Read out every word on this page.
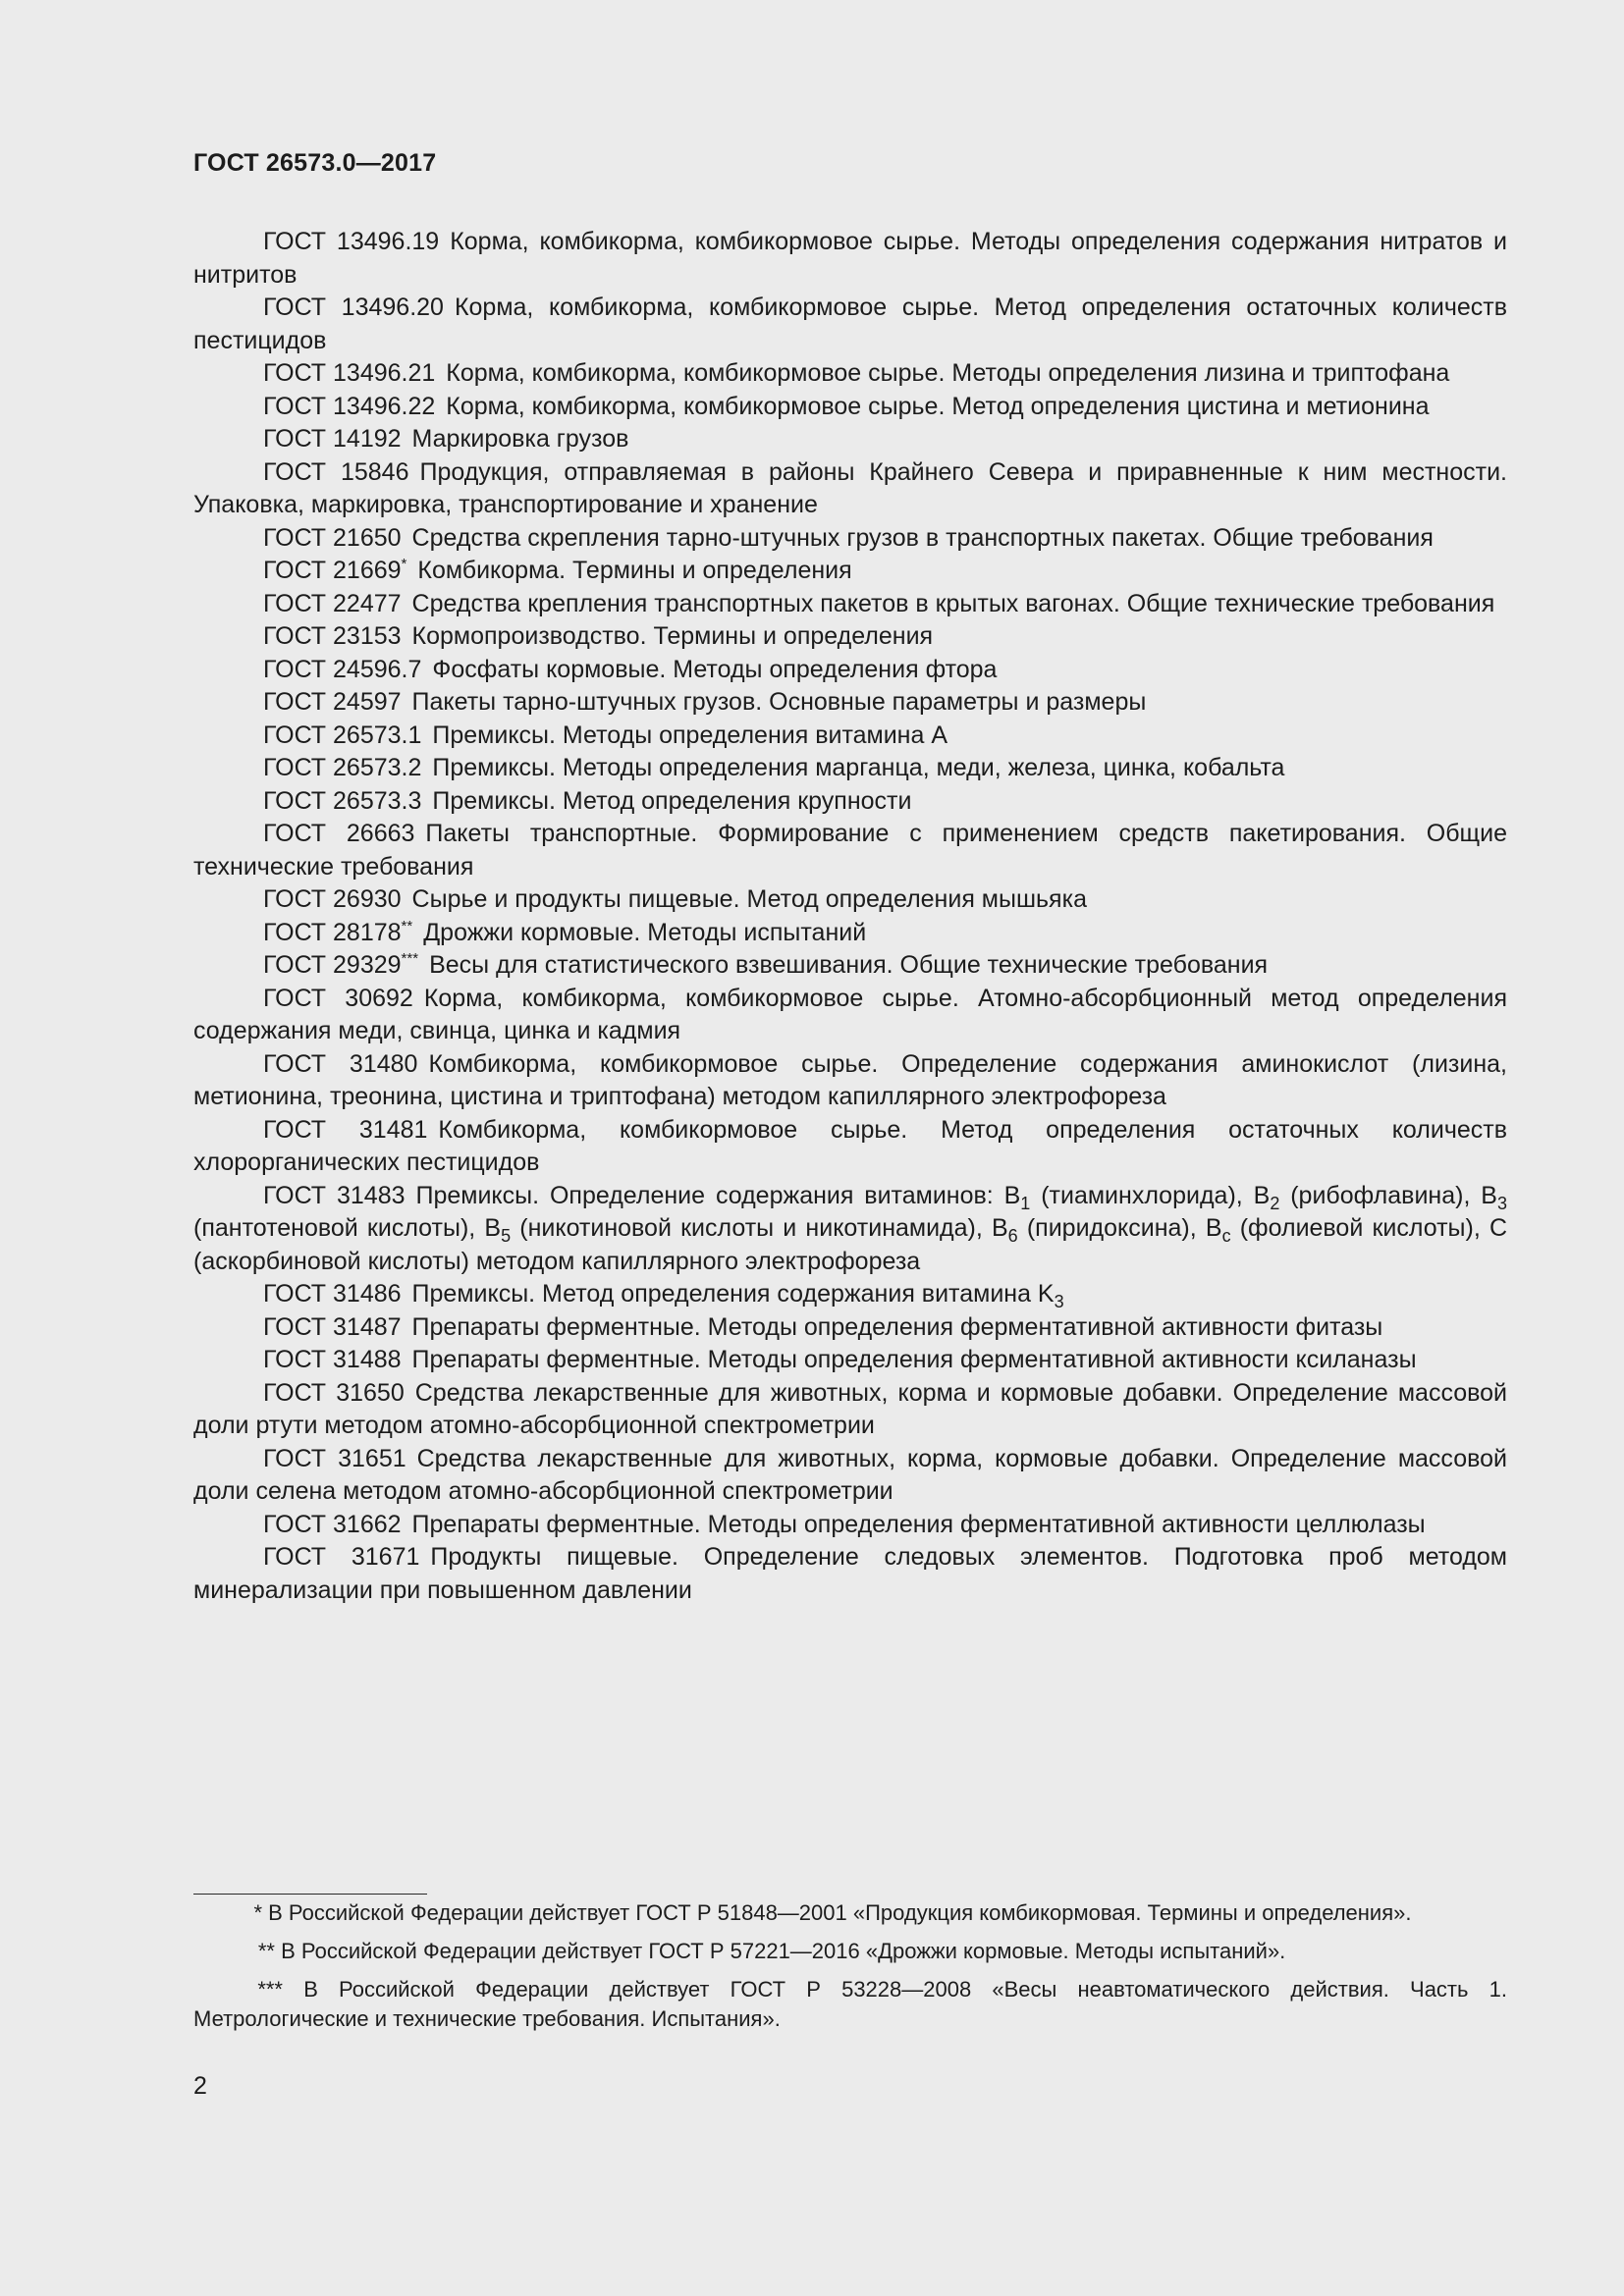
ГОСТ 26573.0—2017

ГОСТ 13496.19 Корма, комбикорма, комбикормовое сырье. Методы определения содержания нитратов и нитритов

ГОСТ 13496.20 Корма, комбикорма, комбикормовое сырье. Метод определения остаточных количеств пестицидов

ГОСТ 13496.21 Корма, комбикорма, комбикормовое сырье. Методы определения лизина и триптофана

ГОСТ 13496.22 Корма, комбикорма, комбикормовое сырье. Метод определения цистина и метионина

ГОСТ 14192 Маркировка грузов

ГОСТ 15846 Продукция, отправляемая в районы Крайнего Севера и приравненные к ним местности. Упаковка, маркировка, транспортирование и хранение

ГОСТ 21650 Средства скрепления тарно-штучных грузов в транспортных пакетах. Общие требования

ГОСТ 21669* Комбикорма. Термины и определения

ГОСТ 22477 Средства крепления транспортных пакетов в крытых вагонах. Общие технические требования

ГОСТ 23153 Кормопроизводство. Термины и определения

ГОСТ 24596.7 Фосфаты кормовые. Методы определения фтора

ГОСТ 24597 Пакеты тарно-штучных грузов. Основные параметры и размеры

ГОСТ 26573.1 Премиксы. Методы определения витамина А

ГОСТ 26573.2 Премиксы. Методы определения марганца, меди, железа, цинка, кобальта

ГОСТ 26573.3 Премиксы. Метод определения крупности

ГОСТ 26663 Пакеты транспортные. Формирование с применением средств пакетирования. Общие технические требования

ГОСТ 26930 Сырье и продукты пищевые. Метод определения мышьяка

ГОСТ 28178** Дрожжи кормовые. Методы испытаний

ГОСТ 29329*** Весы для статистического взвешивания. Общие технические требования

ГОСТ 30692 Корма, комбикорма, комбикормовое сырье. Атомно-абсорбционный метод определения содержания меди, свинца, цинка и кадмия

ГОСТ 31480 Комбикорма, комбикормовое сырье. Определение содержания аминокислот (лизина, метионина, треонина, цистина и триптофана) методом капиллярного электрофореза

ГОСТ 31481 Комбикорма, комбикормовое сырье. Метод определения остаточных количеств хлорорганических пестицидов

ГОСТ 31483 Премиксы. Определение содержания витаминов: $B_1$ (тиаминхлорида), $B_2$ (рибофлавина), $B_3$ (пантотеновой кислоты), $B_5$ (никотиновой кислоты и никотинамида), $B_6$ (пиридоксина), $B_c$ (фолиевой кислоты), C (аскорбиновой кислоты) методом капиллярного электрофореза

ГОСТ 31486 Премиксы. Метод определения содержания витамина $K_3$

ГОСТ 31487 Препараты ферментные. Методы определения ферментативной активности фитазы

ГОСТ 31488 Препараты ферментные. Методы определения ферментативной активности ксиланазы

ГОСТ 31650 Средства лекарственные для животных, корма и кормовые добавки. Определение массовой доли ртути методом атомно-абсорбционной спектрометрии

ГОСТ 31651 Средства лекарственные для животных, корма, кормовые добавки. Определение массовой доли селена методом атомно-абсорбционной спектрометрии

ГОСТ 31662 Препараты ферментные. Методы определения ферментативной активности целлюлазы

ГОСТ 31671 Продукты пищевые. Определение следовых элементов. Подготовка проб методом минерализации при повышенном давлении

* В Российской Федерации действует ГОСТ Р 51848—2001 «Продукция комбикормовая. Термины и определения».

** В Российской Федерации действует ГОСТ Р 57221—2016 «Дрожжи кормовые. Методы испытаний».

*** В Российской Федерации действует ГОСТ Р 53228—2008 «Весы неавтоматического действия. Часть 1. Метрологические и технические требования. Испытания».

2
